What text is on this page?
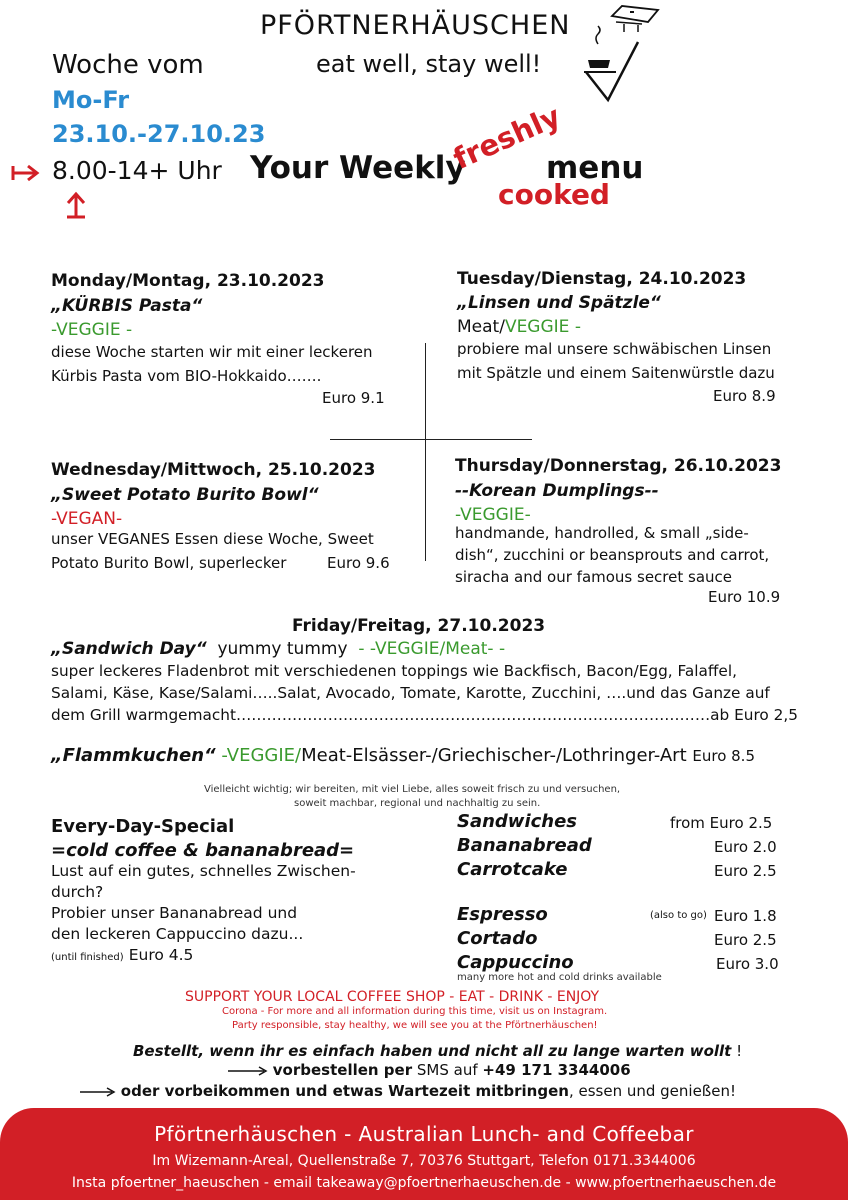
PFÖRTNERHÄUSCHEN
eat well, stay well!
Woche vom
Mo-Fr
23.10.-27.10.23
8.00-14+ Uhr Your Weekly
freshly
menu
cooked
Monday/Montag, 23.10.2023
„KÜRBIS Pasta“
-VEGGIE -
diese Woche starten wir mit einer leckeren
Kürbis Pasta vom BIO-Hokkaido…….
Euro 9.1
Tuesday/Dienstag, 24.10.2023
„Linsen und Spätzle“
Meat/VEGGIE -
probiere mal unsere schwäbischen Linsen
mit Spätzle und einem Saitenwürstle dazu
Euro 8.9
Wednesday/Mittwoch, 25.10.2023
„Sweet Potato Burito Bowl“
-VEGAN-
unser VEGANES Essen diese Woche, Sweet
Potato Burito Bowl, superlecker	Euro 9.6
Thursday/Donnerstag, 26.10.2023
--Korean Dumplings--
-VEGGIE-
handmande, handrolled, & small „side-
dish“, zucchini or beansprouts and carrot,
siracha and our famous secret sauce
Euro 10.9
Friday/Freitag, 27.10.2023
„Sandwich Day“ yummy tummy  - -VEGGIE/Meat- -
super leckeres Fladenbrot mit verschiedenen toppings wie Backfisch, Bacon/Egg, Falaffel,
Salami, Käse, Kase/Salami…..Salat, Avocado, Tomate, Karotte, Zucchini, ….und das Ganze auf
dem Grill warmgemacht…………………………………………………………………………………ab Euro 2,5
„Flammkuchen“ -VEGGIE/Meat-Elsässer-/Griechischer-/Lothringer-Art Euro 8.5
Vielleicht wichtig; wir bereiten, mit viel Liebe, alles soweit frisch zu und versuchen,
soweit machbar, regional und nachhaltig zu sein.
Every-Day-Special
=cold coffee & bananabread=
Lust auf ein gutes, schnelles Zwischen-
durch?
Probier unser Bananabread und
den leckeren Cappuccino dazu...
(until finished) Euro 4.5
Sandwiches	from Euro 2.5
Bananabread	Euro 2.0
Carrotcake	Euro 2.5
Espresso	(also to go) Euro 1.8
Cortado	Euro 2.5
Cappuccino	Euro 3.0
many more hot and cold drinks available
SUPPORT YOUR LOCAL COFFEE SHOP - EAT - DRINK - ENJOY
Corona - For more and all information during this time, visit us on Instagram.
Party responsible, stay healthy, we will see you at the Pförtnerhäuschen!
Bestellt, wenn ihr es einfach haben und nicht all zu lange warten wollt !
vorbestellen per SMS auf +49 171 3344006
oder vorbeikommen und etwas Wartezeit mitbringen, essen und genießen!
Pförtnerhäuschen - Australian Lunch- and Coffeebar
Im Wizemann-Areal, Quellenstraße 7, 70376 Stuttgart, Telefon 0171.3344006
Insta pfoertner_haeuschen - email takeaway@pfoertnerhaeuschen.de - www.pfoertnerhaeuschen.de
